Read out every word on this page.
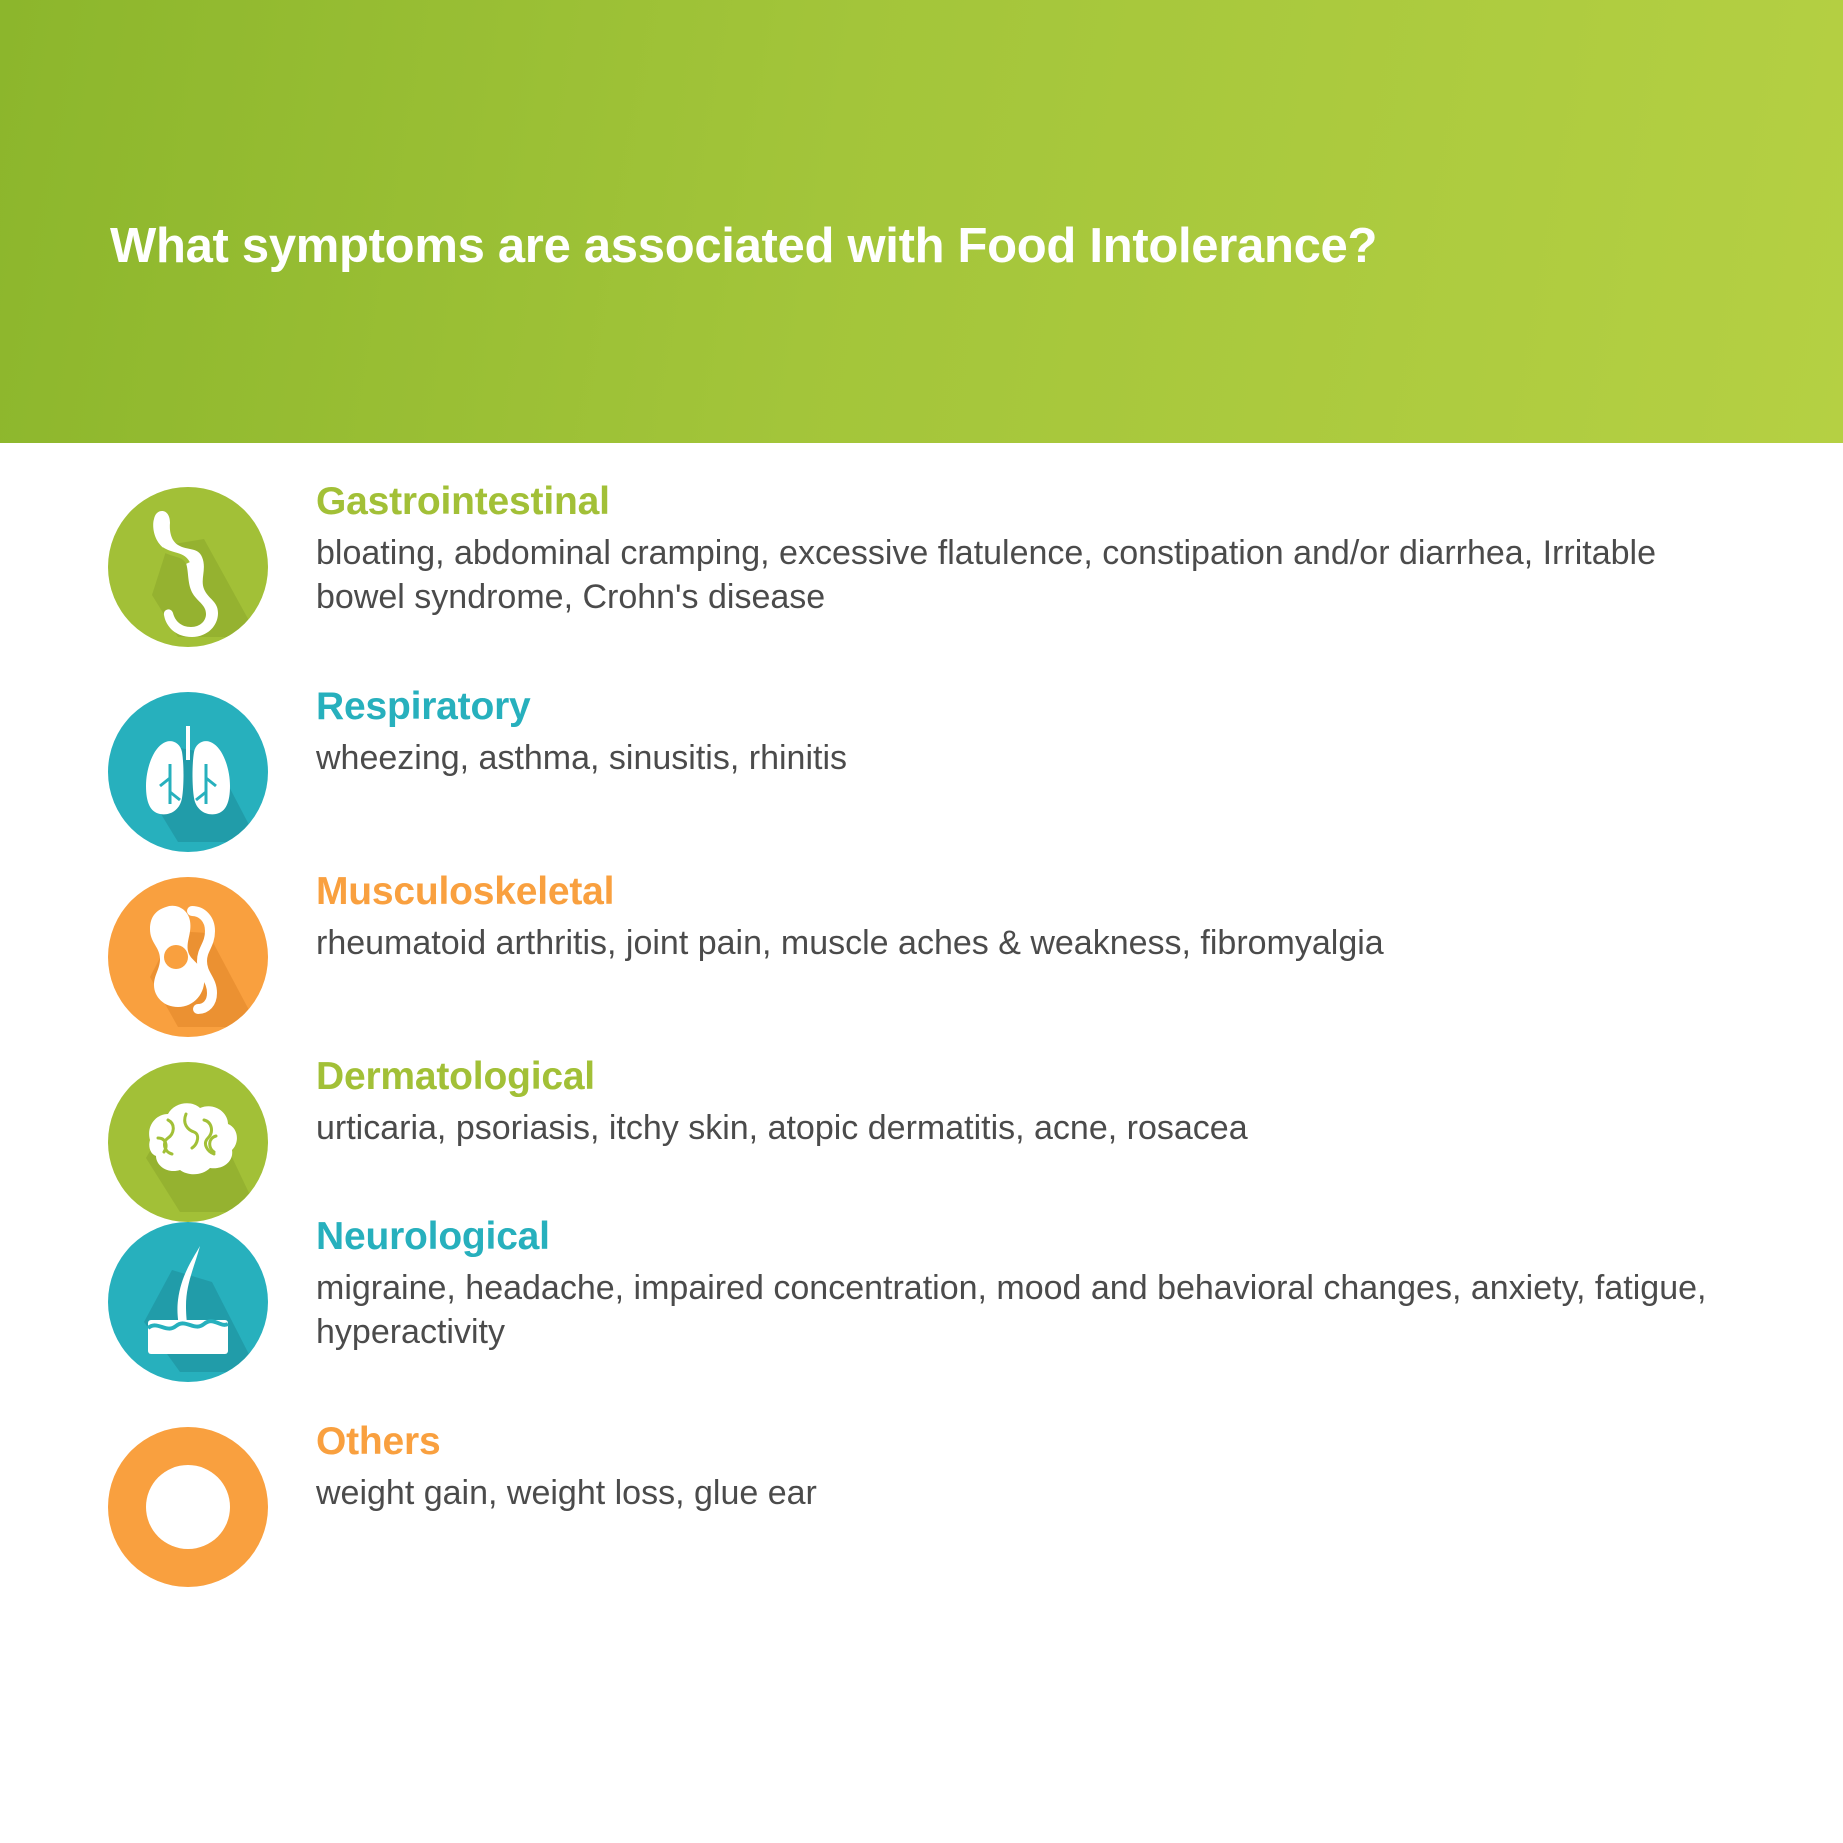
What symptoms are associated with Food Intolerance?
Gastrointestinal
bloating, abdominal cramping, excessive flatulence, constipation and/or diarrhea, Irritable bowel syndrome, Crohn's disease
Respiratory
wheezing, asthma, sinusitis, rhinitis
Musculoskeletal
rheumatoid arthritis, joint pain, muscle aches & weakness, fibromyalgia
Dermatological
urticaria, psoriasis, itchy skin, atopic dermatitis, acne, rosacea
Neurological
migraine, headache, impaired concentration, mood and behavioral changes, anxiety, fatigue, hyperactivity
Others
weight gain, weight loss, glue ear
